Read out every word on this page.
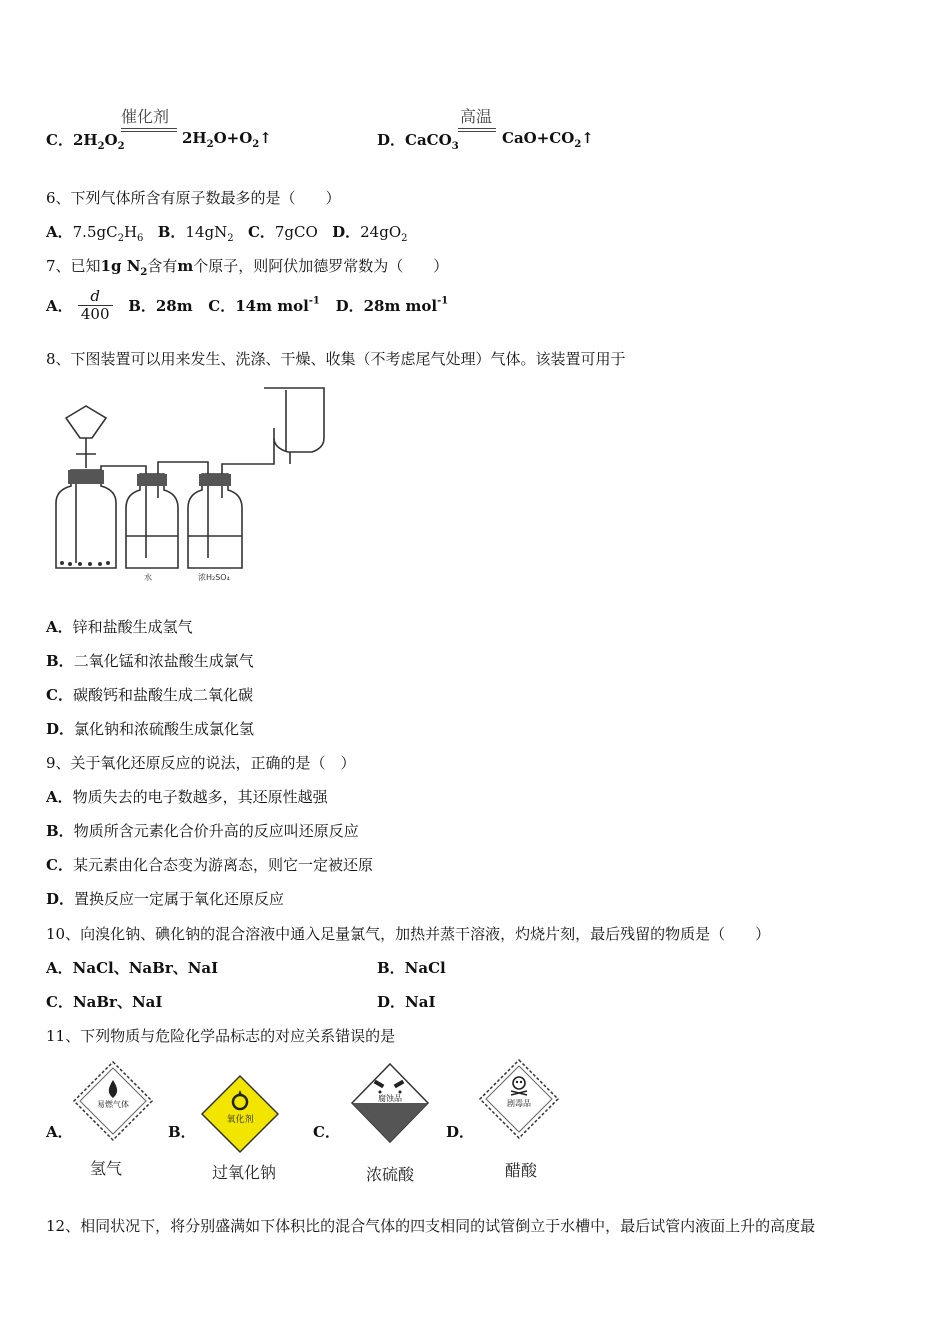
C．$2H_2O_2$
催化剂
$2H_2O+O_2↑$	D．CaCO$_3$
高温
$CaO+CO_2↑$
6、下列气体所含有原子数最多的是（　　）
A．$7.5gC_2H_6$ B．$14gN_2$ C．7gCO D．$24gO_2$
7、已知1g $N_2$含有m个原子，则阿伏加德罗常数为（　　）
A． $\frac{d}{400}$ B．28m C．14m mol$^{-1}$ D．28m mol$^{-1}$
8、下图装置可以用来发生、洗涤、干燥、收集（不考虑尾气处理）气体。该装置可用于
水	浓H₂SO₄
A．锌和盐酸生成氢气
B．二氧化锰和浓盐酸生成氯气
C．碳酸钙和盐酸生成二氧化碳
D．氯化钠和浓硫酸生成氯化氢
9、关于氧化还原反应的说法，正确的是（　）
A．物质失去的电子数越多，其还原性越强
B．物质所含元素化合价升高的反应叫还原反应
C．某元素由化合态变为游离态，则它一定被还原
D．置换反应一定属于氧化还原反应
10、向溴化钠、碘化钠的混合溶液中通入足量氯气，加热并蒸干溶液，灼烧片刻，最后残留的物质是（　　）
A．NaCl、NaBr、NaI	B．NaCl
C．NaBr、NaI	D．NaI
11、下列物质与危险化学品标志的对应关系错误的是
A．
易燃气体
氢气
B．
氧化剂
过氧化钠
C．
腐蚀品
浓硫酸
D．
剧毒品
醋酸
12、相同状况下，将分别盛满如下体积比的混合气体的四支相同的试管倒立于水槽中，最后试管内液面上升的高度最
